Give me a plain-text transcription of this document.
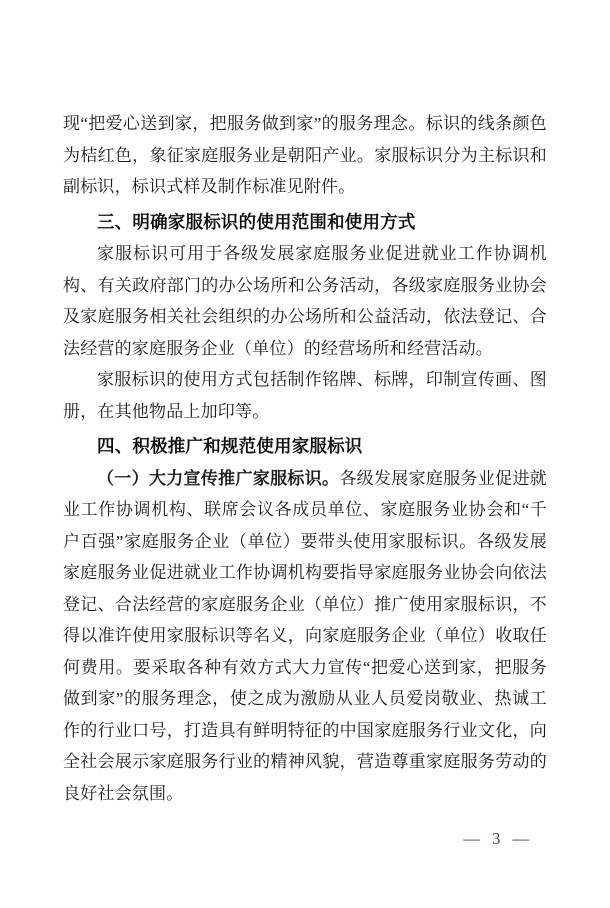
现“把爱心送到家，把服务做到家”的服务理念。标识的线条颜色为桔红色，象征家庭服务业是朝阳产业。家服标识分为主标识和副标识，标识式样及制作标准见附件。

三、明确家服标识的使用范围和使用方式

家服标识可用于各级发展家庭服务业促进就业工作协调机构、有关政府部门的办公场所和公务活动，各级家庭服务业协会及家庭服务相关社会组织的办公场所和公益活动，依法登记、合法经营的家庭服务企业（单位）的经营场所和经营活动。

家服标识的使用方式包括制作铭牌、标牌，印制宣传画、图册，在其他物品上加印等。

四、积极推广和规范使用家服标识

（一）大力宣传推广家服标识。各级发展家庭服务业促进就业工作协调机构、联席会议各成员单位、家庭服务业协会和“千户百强”家庭服务企业（单位）要带头使用家服标识。各级发展家庭服务业促进就业工作协调机构要指导家庭服务业协会向依法登记、合法经营的家庭服务企业（单位）推广使用家服标识，不得以准许使用家服标识等名义，向家庭服务企业（单位）收取任何费用。要采取各种有效方式大力宣传“把爱心送到家，把服务做到家”的服务理念，使之成为激励从业人员爱岗敬业、热诚工作的行业口号，打造具有鲜明特征的中国家庭服务行业文化，向全社会展示家庭服务行业的精神风貌，营造尊重家庭服务劳动的良好社会氛围。

— 3 —
